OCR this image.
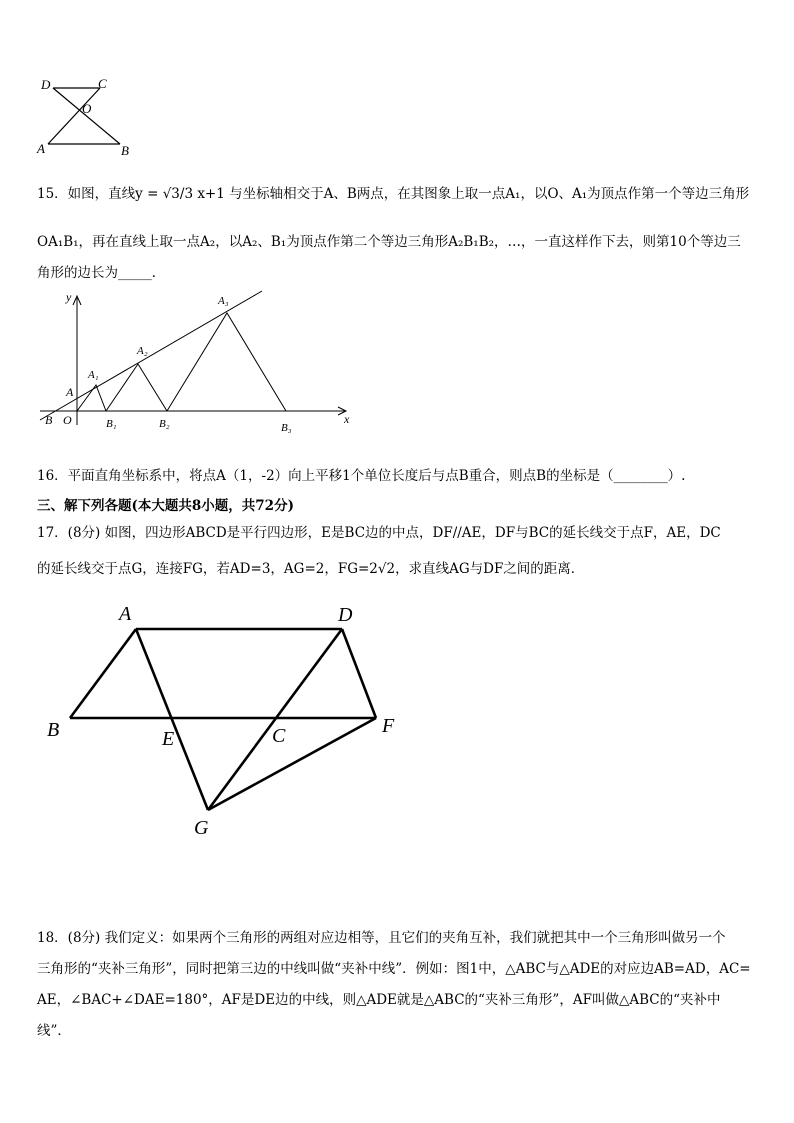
D	C
O
A	B
15．如图，直线y = √3/3 x+1 与坐标轴相交于A、B两点，在其图象上取一点A₁，以O、A₁为顶点作第一个等边三角形
OA₁B₁，再在直线上取一点A₂，以A₂、B₁为顶点作第二个等边三角形A₂B₁B₂，…，一直这样作下去，则第10个等边三
角形的边长为_____．
y
x
O
B
A
A₁
A₂
A₃
B₁	B₂	B₃
16．平面直角坐标系中，将点A（1，-2）向上平移1个单位长度后与点B重合，则点B的坐标是（________）.
三、解下列各题(本大题共8小题，共72分)
17．(8分) 如图，四边形ABCD是平行四边形，E是BC边的中点，DF//AE，DF与BC的延长线交于点F，AE，DC
的延长线交于点G，连接FG，若AD=3，AG=2，FG=2√2，求直线AG与DF之间的距离．
A	D
B	E	C	F
G
18．(8分) 我们定义：如果两个三角形的两组对应边相等，且它们的夹角互补，我们就把其中一个三角形叫做另一个
三角形的“夹补三角形”，同时把第三边的中线叫做“夹补中线”．例如：图1中，△ABC与△ADE的对应边AB=AD，AC=
AE，∠BAC+∠DAE=180°，AF是DE边的中线，则△ADE就是△ABC的“夹补三角形”，AF叫做△ABC的“夹补中
线”．
